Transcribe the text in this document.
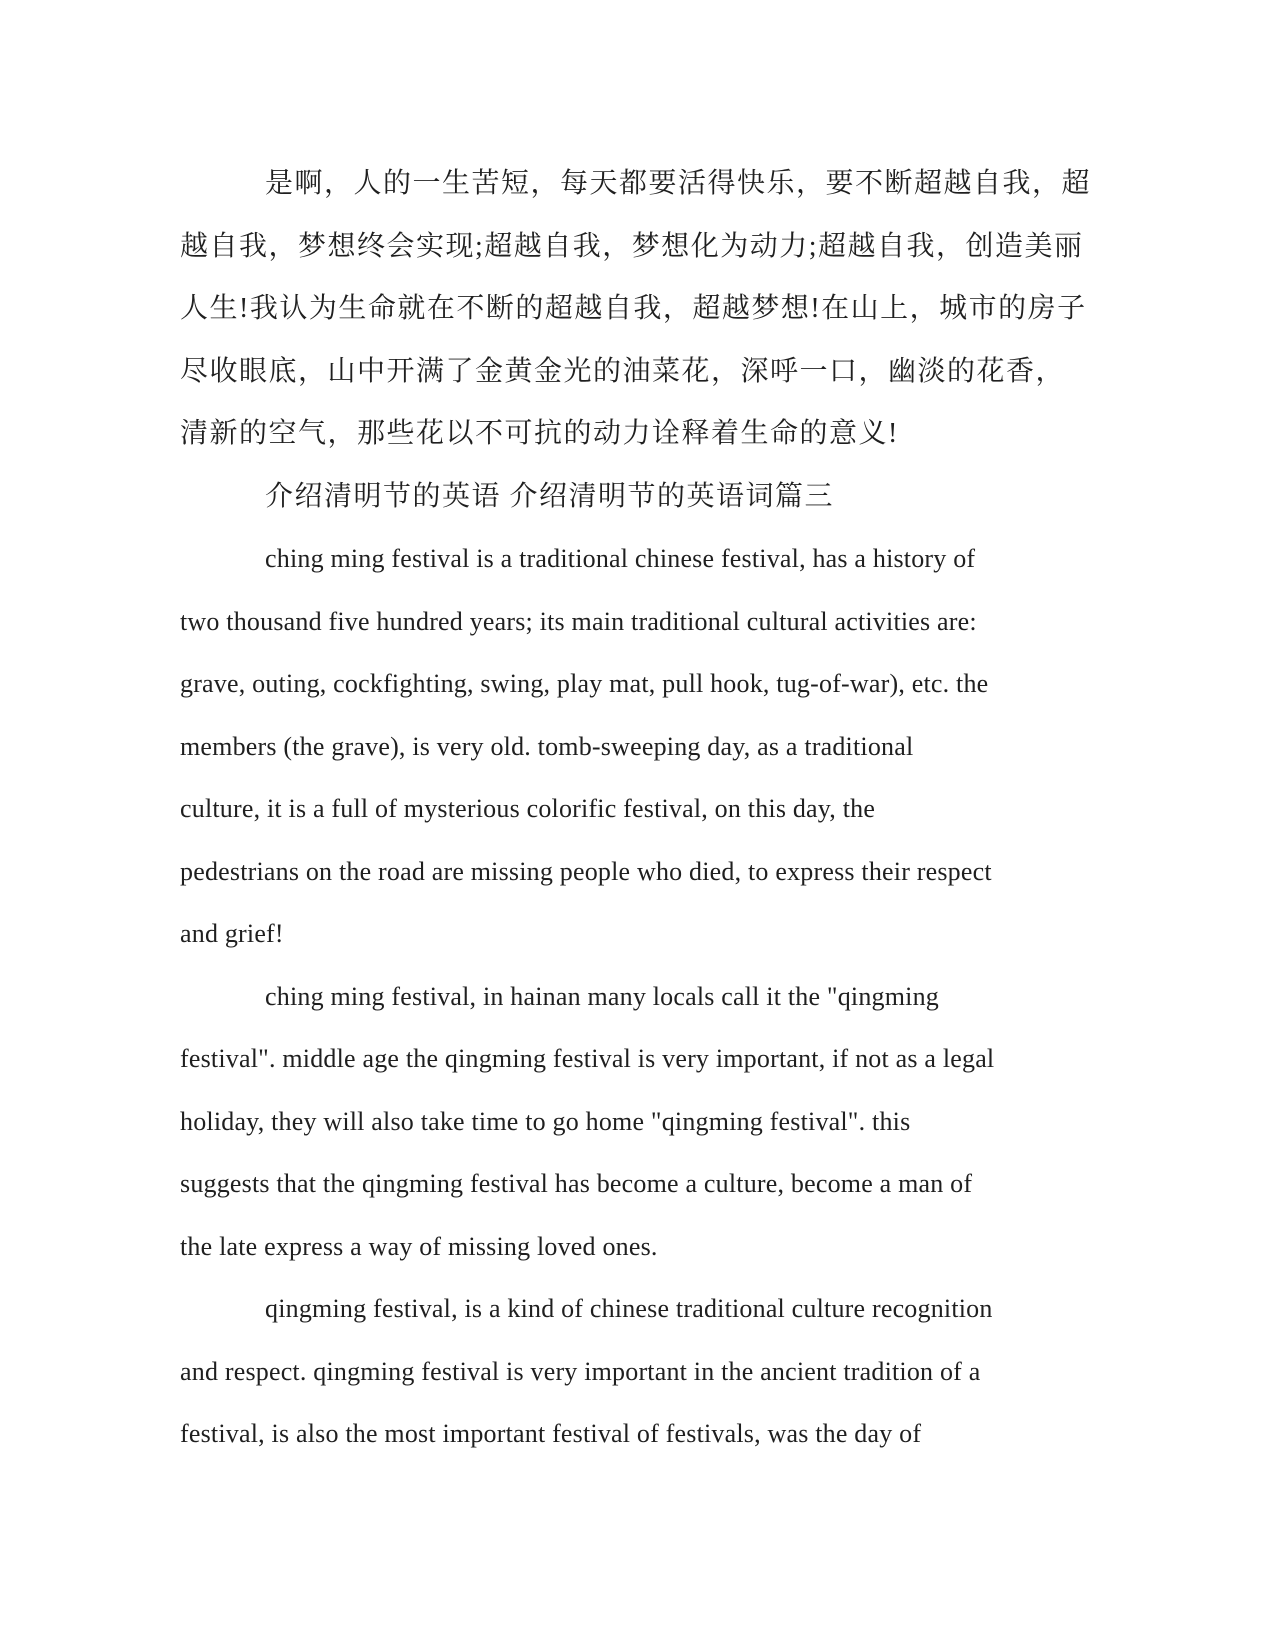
是啊，人的一生苦短，每天都要活得快乐，要不断超越自我，超
越自我，梦想终会实现;超越自我，梦想化为动力;超越自我，创造美丽
人生!我认为生命就在不断的超越自我，超越梦想!在山上，城市的房子
尽收眼底，山中开满了金黄金光的油菜花，深呼一口，幽淡的花香，
清新的空气，那些花以不可抗的动力诠释着生命的意义!
介绍清明节的英语 介绍清明节的英语词篇三
ching ming festival is a traditional chinese festival, has a history of
two thousand five hundred years; its main traditional cultural activities are:
grave, outing, cockfighting, swing, play mat, pull hook, tug-of-war), etc. the
members (the grave), is very old. tomb-sweeping day, as a traditional
culture, it is a full of mysterious colorific festival, on this day, the
pedestrians on the road are missing people who died, to express their respect
and grief!
ching ming festival, in hainan many locals call it the "qingming
festival". middle age the qingming festival is very important, if not as a legal
holiday, they will also take time to go home "qingming festival". this
suggests that the qingming festival has become a culture, become a man of
the late express a way of missing loved ones.
qingming festival, is a kind of chinese traditional culture recognition
and respect. qingming festival is very important in the ancient tradition of a
festival, is also the most important festival of festivals, was the day of
